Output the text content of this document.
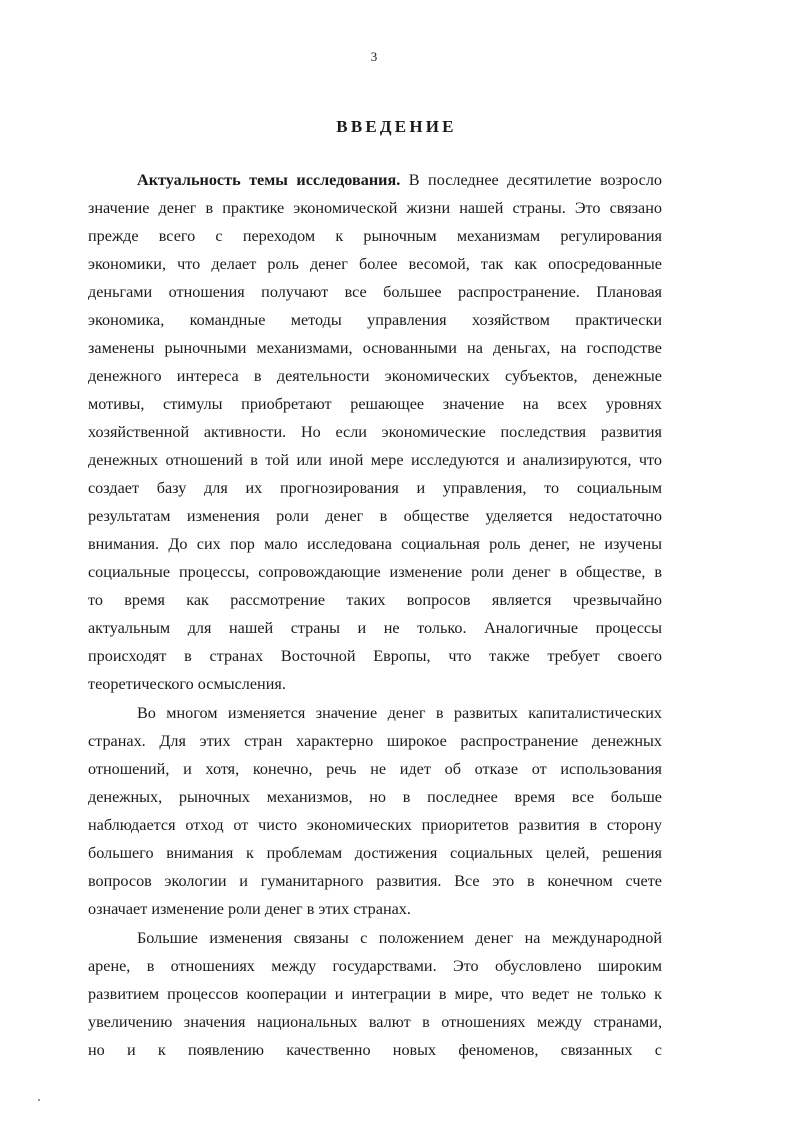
3
ВВЕДЕНИЕ
Актуальность темы исследования. В последнее десятилетие возросло
значение денег в практике экономической жизни нашей страны. Это связано
прежде всего с переходом к рыночным механизмам регулирования
экономики, что делает роль денег более весомой, так как опосредованные
деньгами отношения получают все большее распространение. Плановая
экономика, командные методы управления хозяйством практически
заменены рыночными механизмами, основанными на деньгах, на господстве
денежного интереса в деятельности экономических субъектов, денежные
мотивы, стимулы приобретают решающее значение на всех уровнях
хозяйственной активности. Но если экономические последствия развития
денежных отношений в той или иной мере исследуются и анализируются, что
создает базу для их прогнозирования и управления, то социальным
результатам изменения роли денег в обществе уделяется недостаточно
внимания. До сих пор мало исследована социальная роль денег, не изучены
социальные процессы, сопровождающие изменение роли денег в обществе, в
то время как рассмотрение таких вопросов является чрезвычайно
актуальным для нашей страны и не только. Аналогичные процессы
происходят в странах Восточной Европы, что также требует своего
теоретического осмысления.
Во многом изменяется значение денег в развитых капиталистических
странах. Для этих стран характерно широкое распространение денежных
отношений, и хотя, конечно, речь не идет об отказе от использования
денежных, рыночных механизмов, но в последнее время все больше
наблюдается отход от чисто экономических приоритетов развития в сторону
большего внимания к проблемам достижения социальных целей, решения
вопросов экологии и гуманитарного развития. Все это в конечном счете
означает изменение роли денег в этих странах.
Большие изменения связаны с положением денег на международной
арене, в отношениях между государствами. Это обусловлено широким
развитием процессов кооперации и интеграции в мире, что ведет не только к
увеличению значения национальных валют в отношениях между странами,
но и к появлению качественно новых феноменов, связанных с
